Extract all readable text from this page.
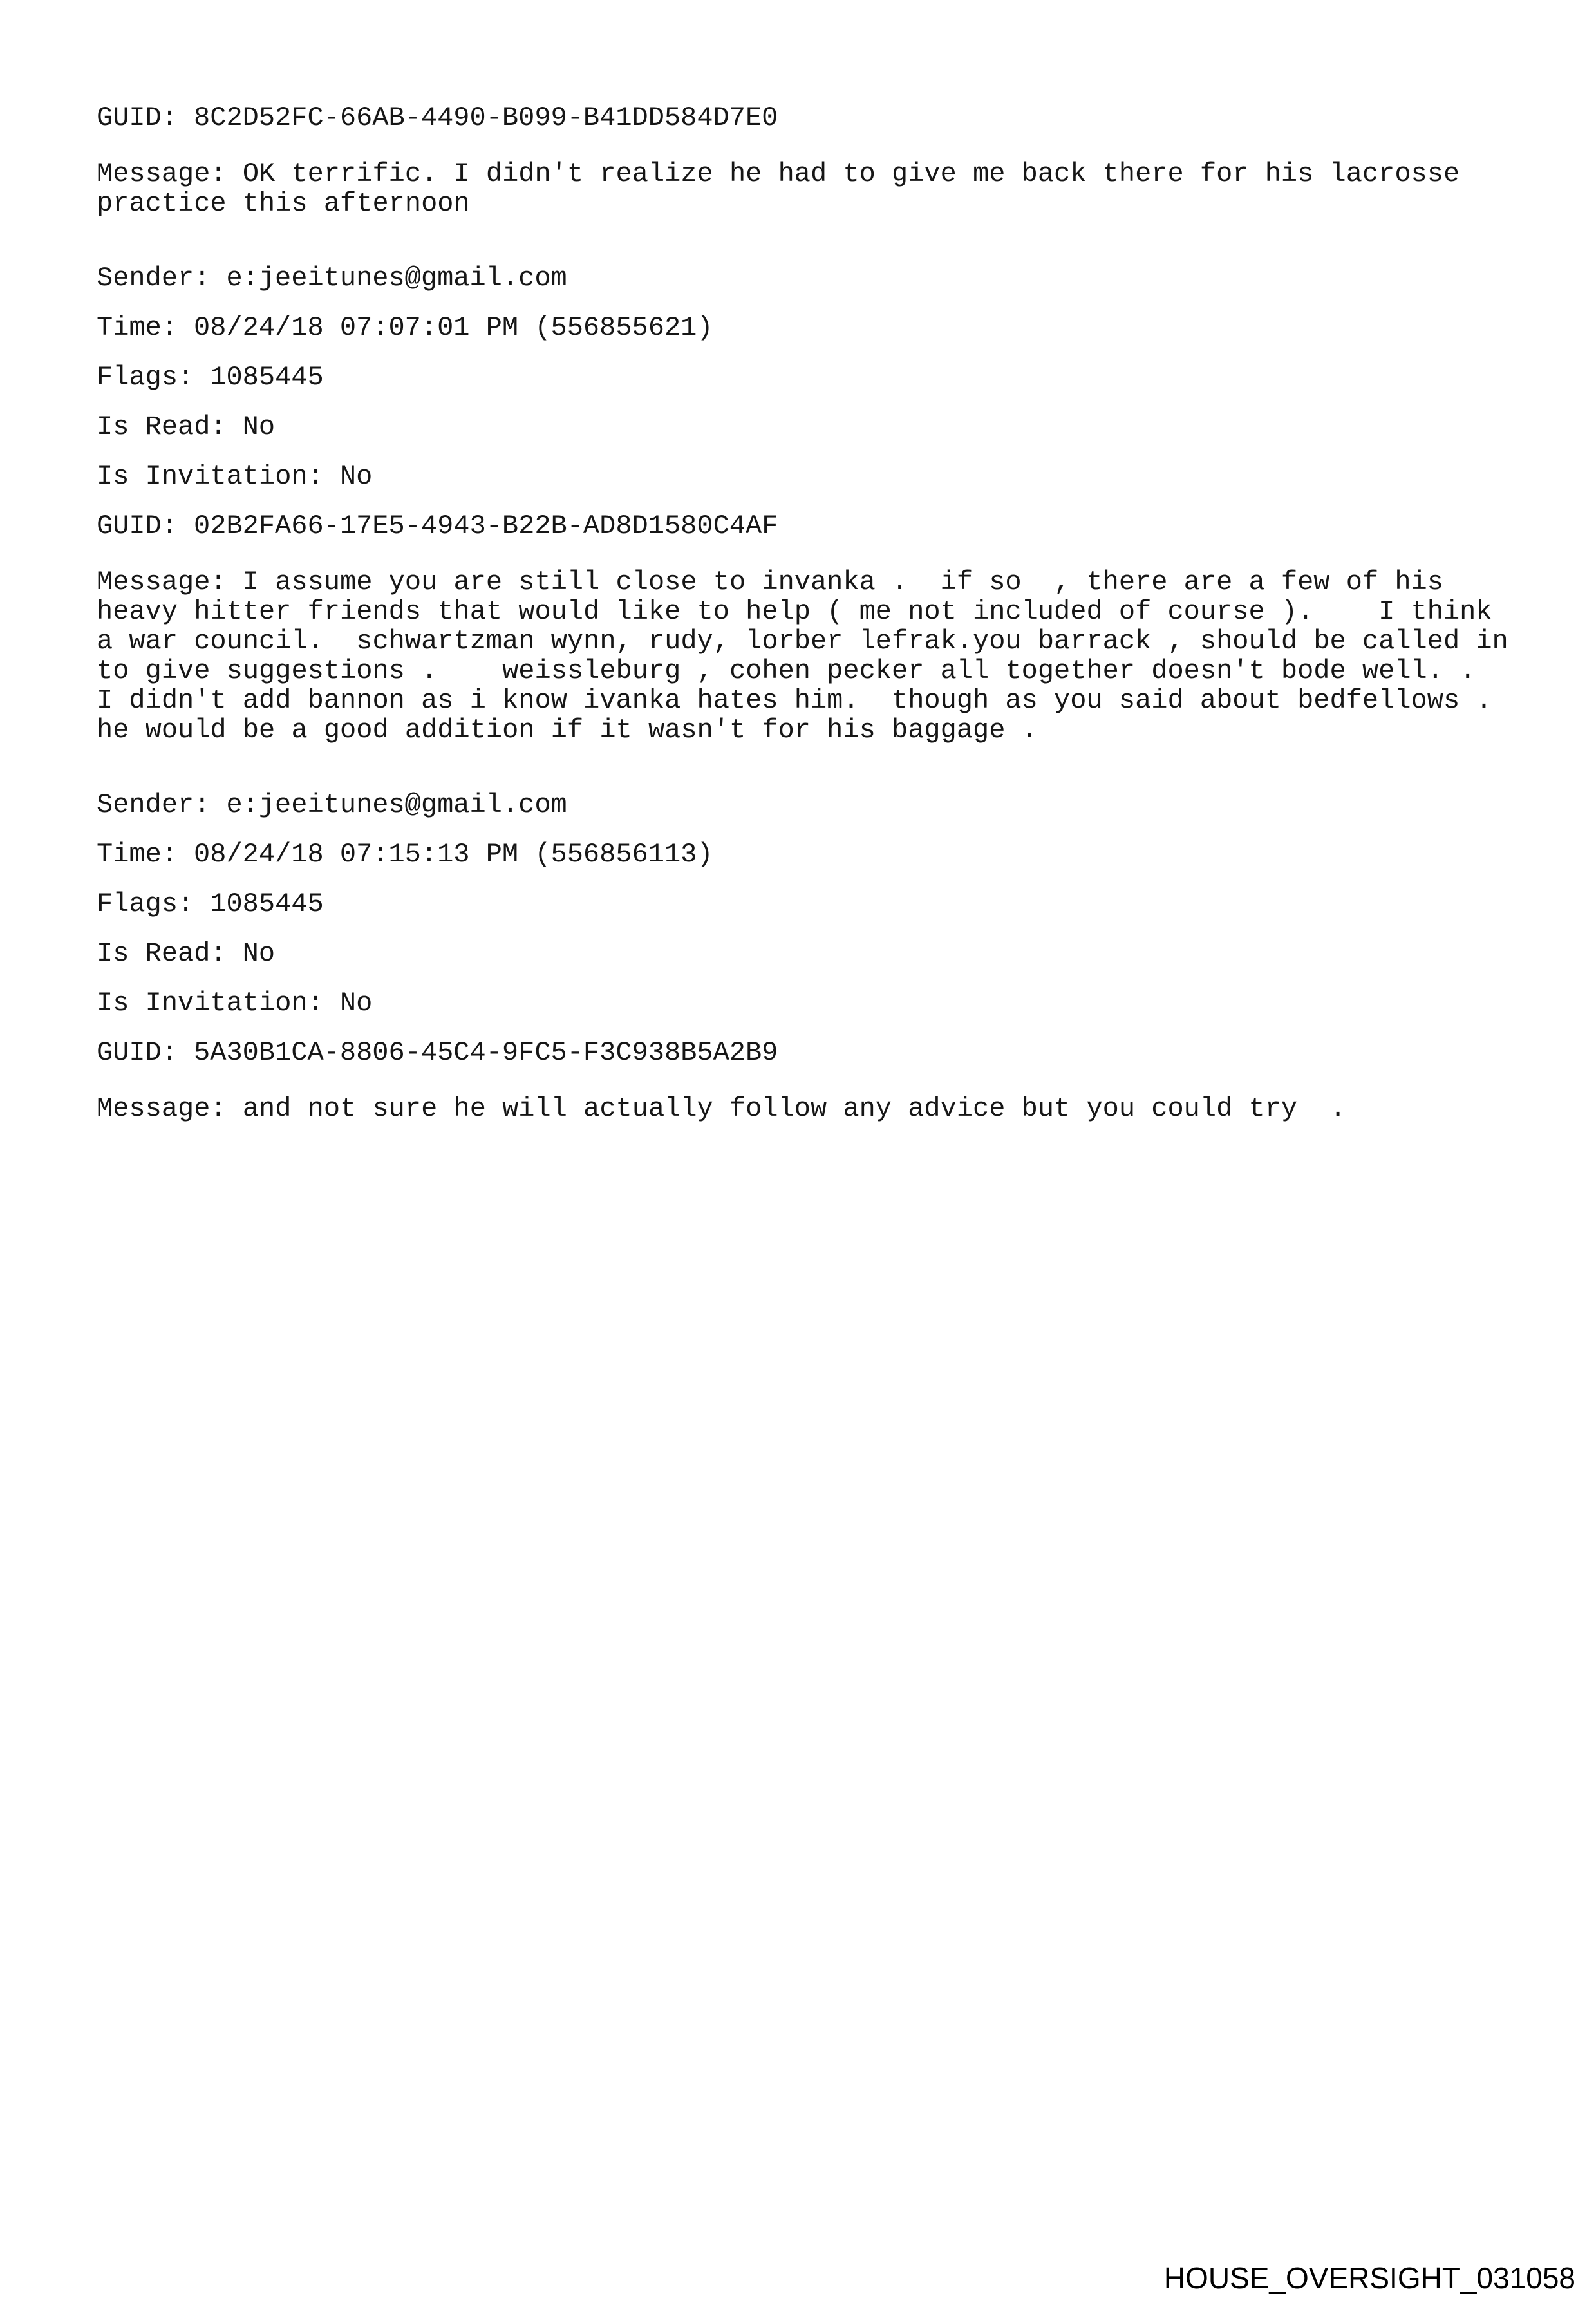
GUID: 8C2D52FC-66AB-4490-B099-B41DD584D7E0
Message: OK terrific. I didn't realize he had to give me back there for his lacrosse
practice this afternoon
Sender: e:jeeitunes@gmail.com
Time: 08/24/18 07:07:01 PM (556855621)
Flags: 1085445
Is Read: No
Is Invitation: No
GUID: 02B2FA66-17E5-4943-B22B-AD8D1580C4AF
Message: I assume you are still close to invanka .  if so  , there are a few of his
heavy hitter friends that would like to help ( me not included of course ).    I think
a war council.  schwartzman wynn, rudy, lorber lefrak.you barrack , should be called in
to give suggestions .    weissleburg , cohen pecker all together doesn't bode well. .
I didn't add bannon as i know ivanka hates him.  though as you said about bedfellows .
he would be a good addition if it wasn't for his baggage .
Sender: e:jeeitunes@gmail.com
Time: 08/24/18 07:15:13 PM (556856113)
Flags: 1085445
Is Read: No
Is Invitation: No
GUID: 5A30B1CA-8806-45C4-9FC5-F3C938B5A2B9
Message: and not sure he will actually follow any advice but you could try  .
HOUSE_OVERSIGHT_031058
